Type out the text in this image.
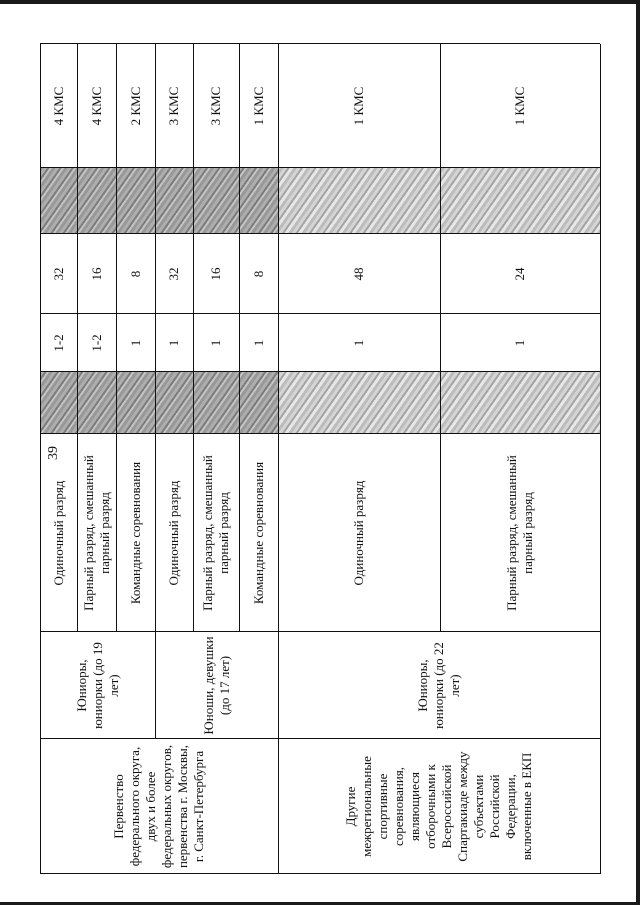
39
Первенство федерального округа, двух и более федеральных округов, первенства г. Москвы, г. Санкт-Петербурга
Юниоры, юниорки (до 19 лет)	Юноши, девушки (до 17 лет)
Одиночный разряд
1-2
32
4 КМС
Парный разряд, смешанный парный разряд
1-2
16
4 КМС
Командные соревнования
1
8
2 КМС
Одиночный разряд
1
32
3 КМС
Парный разряд, смешанный парный разряд
1
16
3 КМС
Командные соревнования
1
8
1 КМС
Другие межрегиональные спортивные соревнования, являющиеся отборочными к Всероссийской Спартакиаде между субъектами Российской Федерации, включенные в ЕКП
Юниоры, юниорки (до 22 лет)
Одиночный разряд
1
48
1 КМС
Парный разряд, смешанный парный разряд
1
24
1 КМС
